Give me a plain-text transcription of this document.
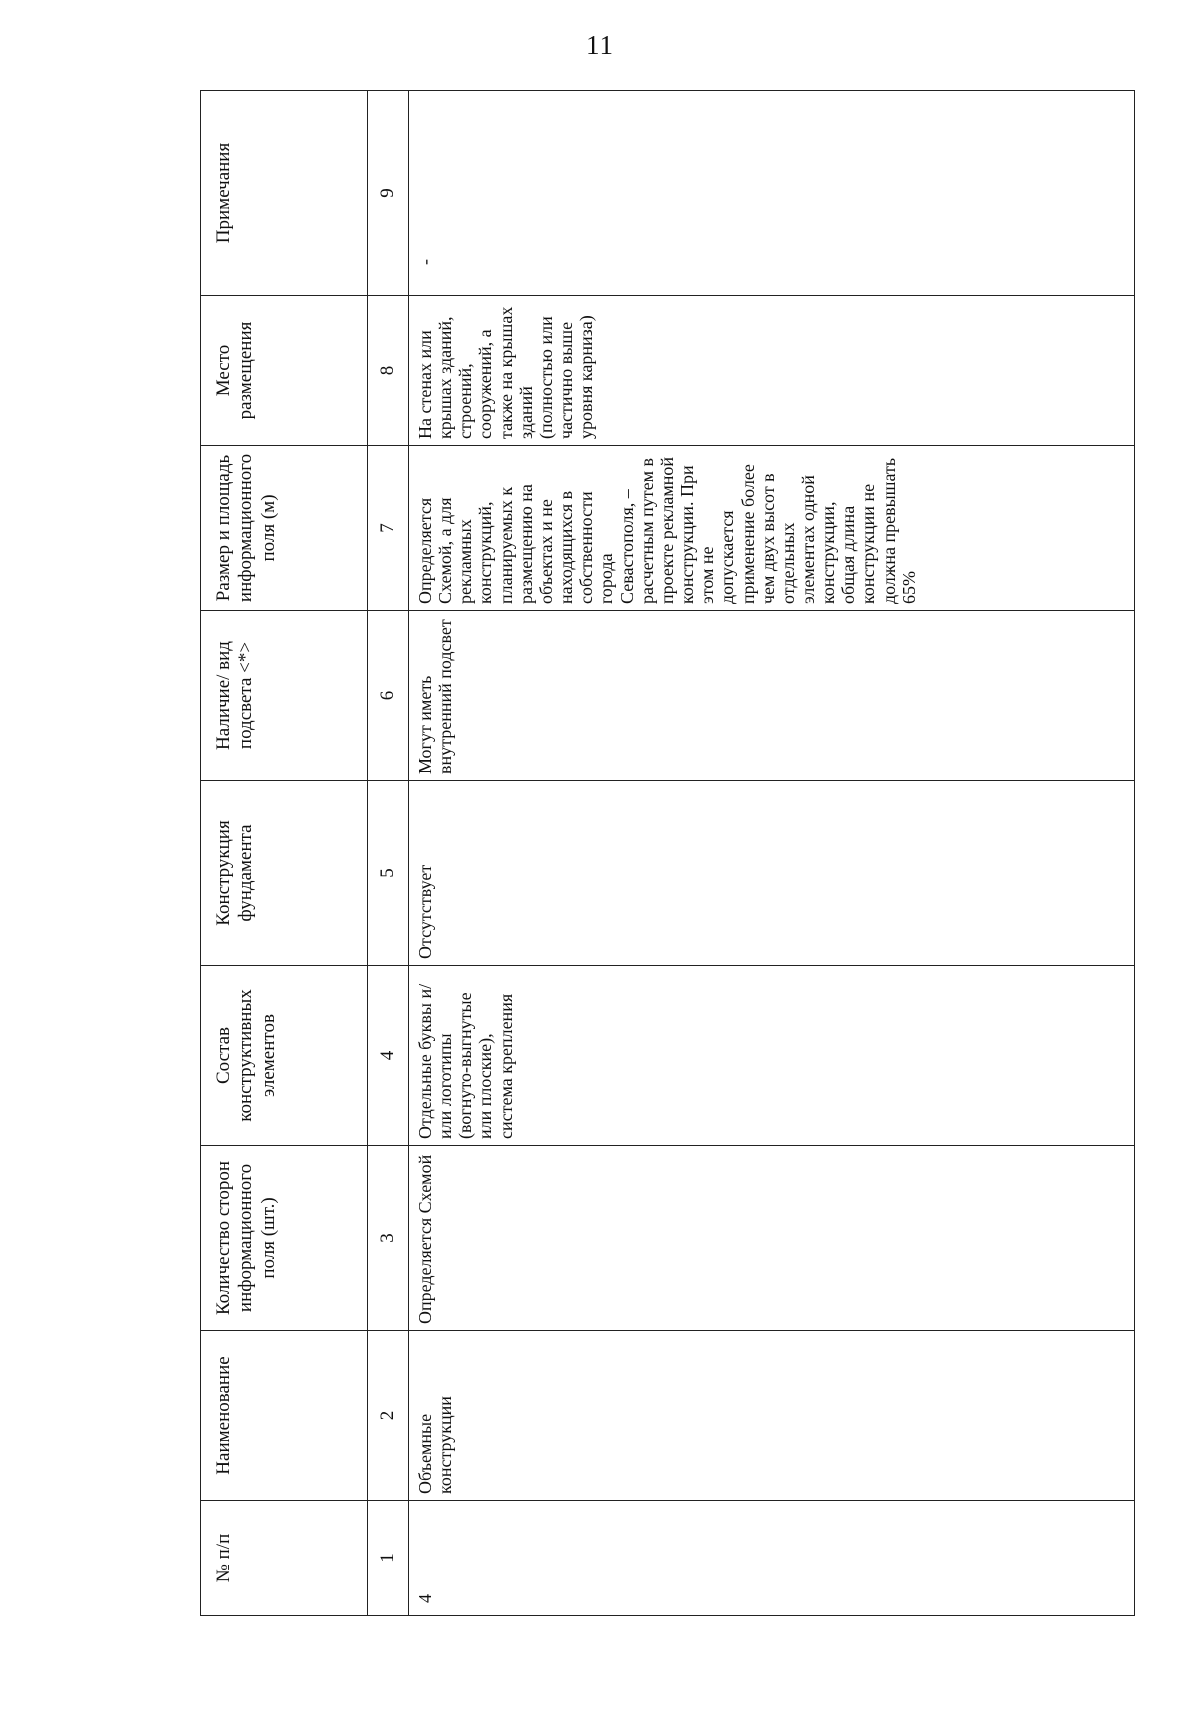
11
№ п/п	Наименование	Количество сторон информационного поля (шт.)	Состав конструктивных элементов	Конструкция фундамента	Наличие/ вид подсвета <*>	Размер и площадь информационного поля (м)	Место размещения	Примечания
1	2	3	4	5	6	7	8	9
4	Объемные конструкции	Определяется Схемой	Отдельные буквы и/или логотипы (вогнуто-выгнутые или плоские), система крепления	Отсутствует	Могут иметь внутренний подсвет	Определяется Схемой, а для рекламных конструкций, планируемых к размещению на объектах и не находящихся в собственности города Севастополя, – расчетным путем в проекте рекламной конструкции. При этом не допускается применение более чем двух высот в отдельных элементах одной конструкции, общая длина конструкции не должна превышать 65%	На стенах или крышах зданий, строений, сооружений, а также на крышах зданий (полностью или частично выше уровня карниза)	-
